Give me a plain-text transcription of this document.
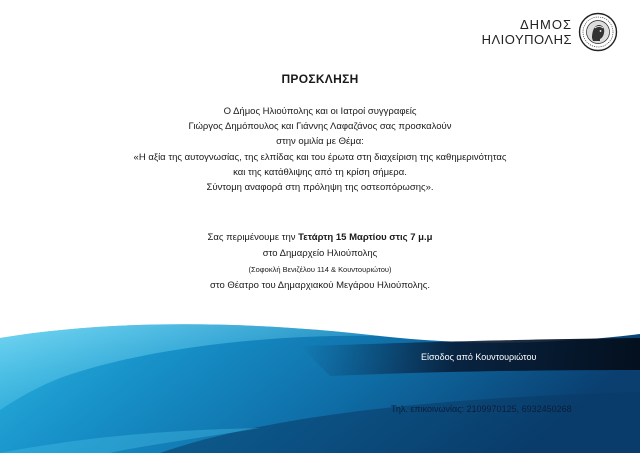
ΔΗΜΟΣ
ΗΛΙΟΥΠΟΛΗΣ
ΠΡΟΣΚΛΗΣΗ
Ο Δήμος Ηλιούπολης και οι Ιατροί συγγραφείς
Γιώργος Δημόπουλος και Γιάννης Λαφαζάνος σας προσκαλούν
στην ομιλία με Θέμα:
«Η αξία της αυτογνωσίας, της ελπίδας και του έρωτα στη διαχείριση της καθημερινότητας
και της κατάθλιψης από τη κρίση σήμερα.
Σύντομη αναφορά στη πρόληψη της οστεοπόρωσης».
Σας περιμένουμε την Τετάρτη 15 Μαρτίου στις 7 μ.μ
στο Δημαρχείο Ηλιούπολης
(Σοφοκλή Βενιζέλου 114 & Κουντουριώτου)
στο Θέατρο του Δημαρχιακού Μεγάρου Ηλιούπολης.
Είσοδος από Κουντουριώτου
Τηλ. επικοινωνίας: 2109970125, 6932450268
